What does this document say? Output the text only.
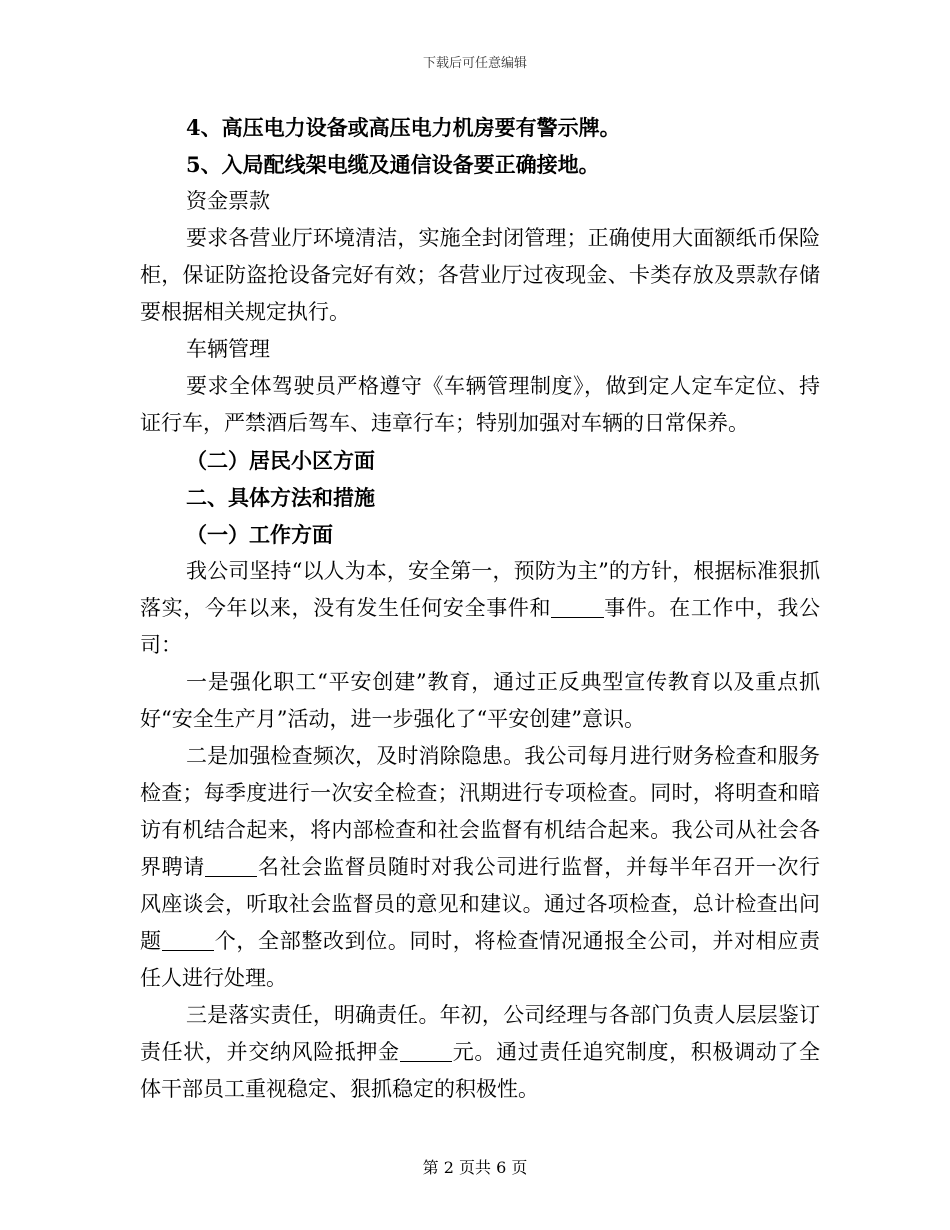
下载后可任意编辑

4、高压电力设备或高压电力机房要有警示牌。

5、入局配线架电缆及通信设备要正确接地。

资金票款

要求各营业厅环境清洁，实施全封闭管理；正确使用大面额纸币保险柜，保证防盗抢设备完好有效；各营业厅过夜现金、卡类存放及票款存储要根据相关规定执行。

车辆管理

要求全体驾驶员严格遵守《车辆管理制度》，做到定人定车定位、持证行车，严禁酒后驾车、违章行车；特别加强对车辆的日常保养。

（二）居民小区方面

二、具体方法和措施

（一）工作方面

我公司坚持“以人为本，安全第一，预防为主”的方针，根据标准狠抓落实，今年以来，没有发生任何安全事件和	事件。在工作中，我公司：

一是强化职工“平安创建”教育，通过正反典型宣传教育以及重点抓好“安全生产月”活动，进一步强化了“平安创建”意识。

二是加强检查频次，及时消除隐患。我公司每月进行财务检查和服务检查；每季度进行一次安全检查；汛期进行专项检查。同时，将明查和暗访有机结合起来，将内部检查和社会监督有机结合起来。我公司从社会各界聘请	名社会监督员随时对我公司进行监督，并每半年召开一次行风座谈会，听取社会监督员的意见和建议。通过各项检查，总计检查出问题	个，全部整改到位。同时，将检查情况通报全公司，并对相应责任人进行处理。

三是落实责任，明确责任。年初，公司经理与各部门负责人层层鉴订责任状，并交纳风险抵押金	元。通过责任追究制度，积极调动了全体干部员工重视稳定、狠抓稳定的积极性。

第 2 页共 6 页
